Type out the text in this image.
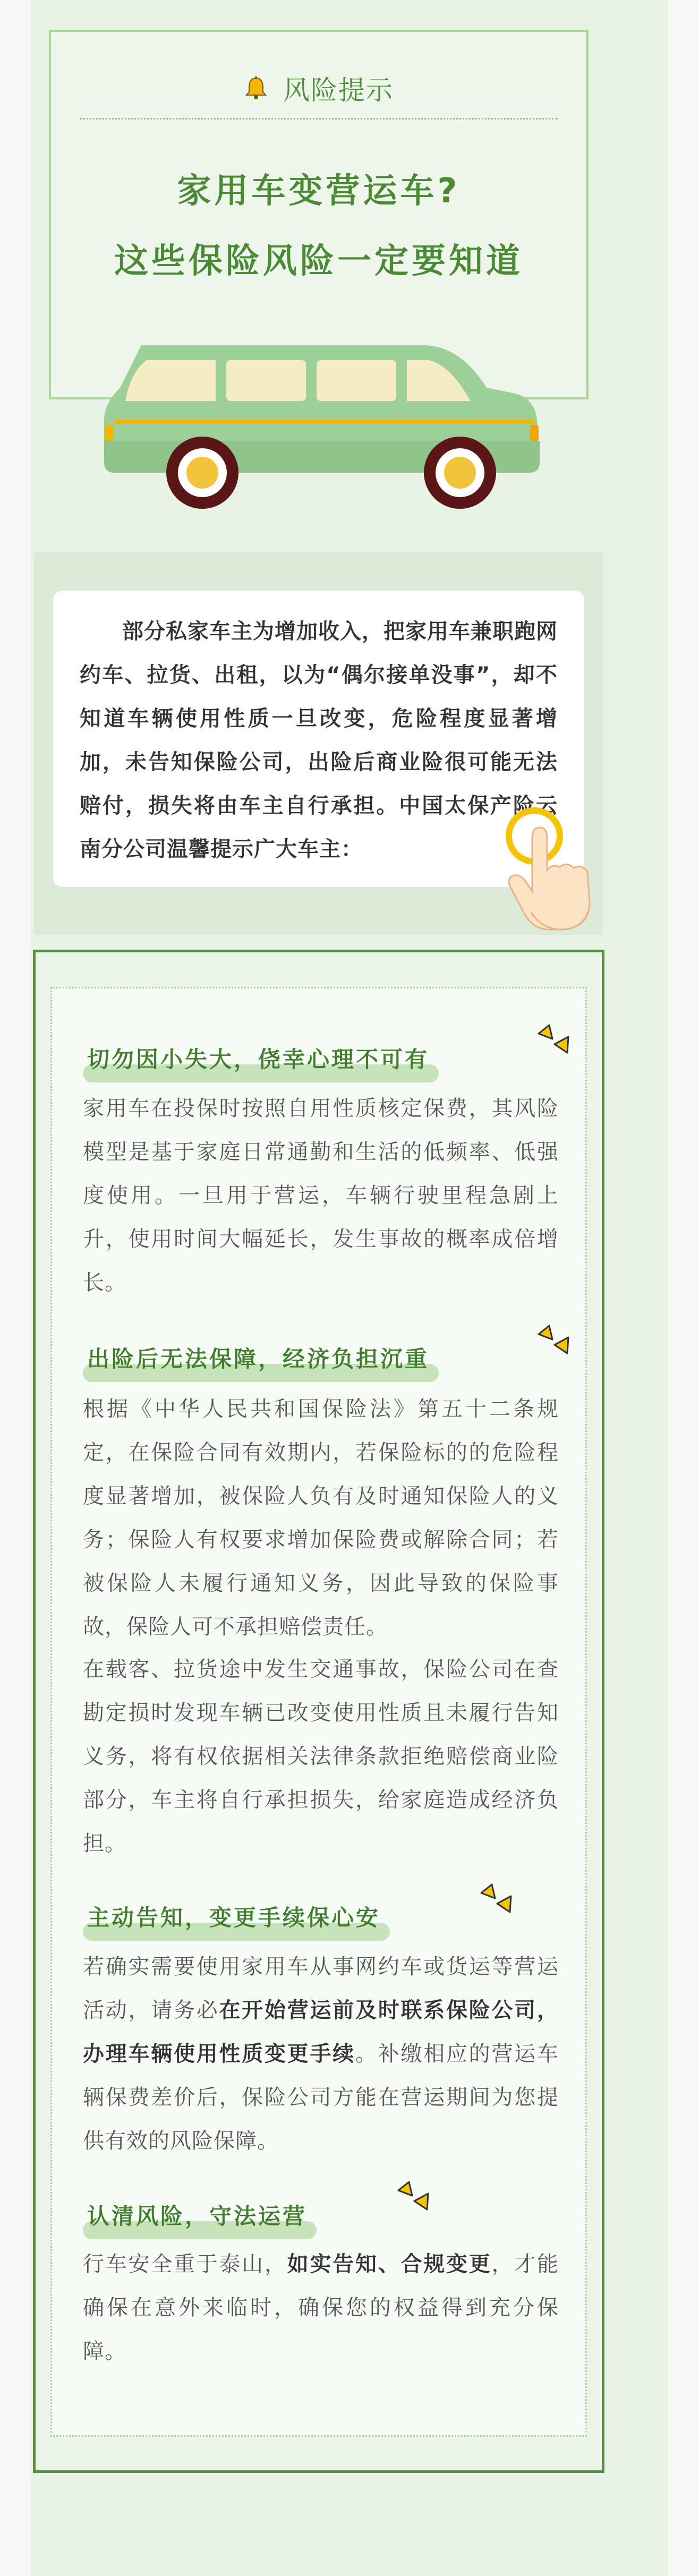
风险提示
家用车变营运车?
这些保险风险一定要知道

部分私家车主为增加收入，把家用车兼职跑网约车、拉货、出租，以为“偶尔接单没事”，却不知道车辆使用性质一旦改变，危险程度显著增加，未告知保险公司，出险后商业险很可能无法赔付，损失将由车主自行承担。中国太保产险云南分公司温馨提示广大车主：

切勿因小失大，侥幸心理不可有

家用车在投保时按照自用性质核定保费，其风险模型是基于家庭日常通勤和生活的低频率、低强度使用。一旦用于营运，车辆行驶里程急剧上升，使用时间大幅延长，发生事故的概率成倍增长。

出险后无法保障，经济负担沉重

根据《中华人民共和国保险法》第五十二条规定，在保险合同有效期内，若保险标的的危险程度显著增加，被保险人负有及时通知保险人的义务；保险人有权要求增加保险费或解除合同；若被保险人未履行通知义务，因此导致的保险事故，保险人可不承担赔偿责任。

在载客、拉货途中发生交通事故，保险公司在查勘定损时发现车辆已改变使用性质且未履行告知义务，将有权依据相关法律条款拒绝赔偿商业险部分，车主将自行承担损失，给家庭造成经济负担。

主动告知，变更手续保心安

若确实需要使用家用车从事网约车或货运等营运活动，请务必在开始营运前及时联系保险公司，办理车辆使用性质变更手续。补缴相应的营运车辆保费差价后，保险公司方能在营运期间为您提供有效的风险保障。

认清风险，守法运营

行车安全重于泰山，如实告知、合规变更，才能确保在意外来临时，确保您的权益得到充分保障。
